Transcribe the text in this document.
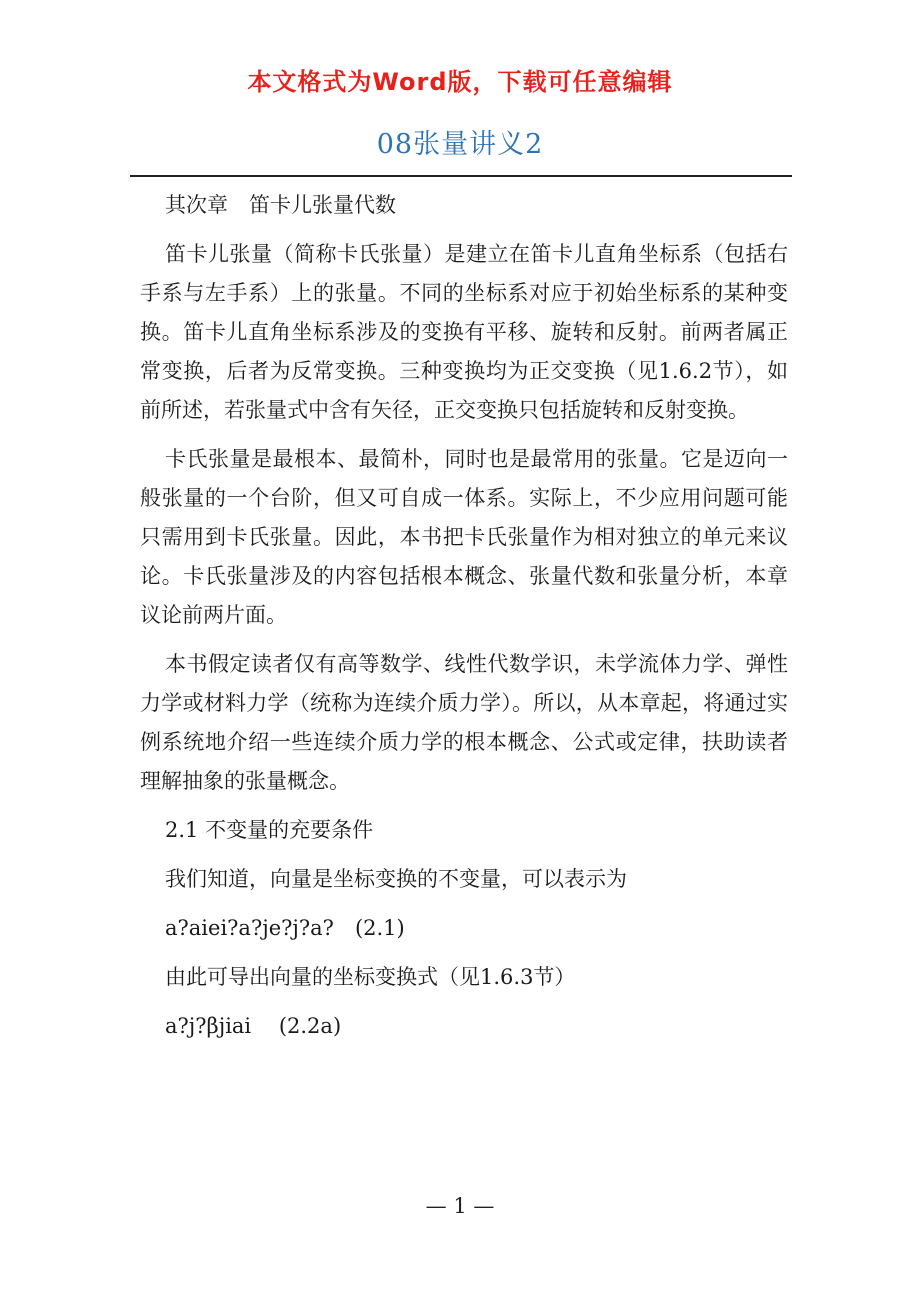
本文格式为Word版，下载可任意编辑
08张量讲义2

其次章　笛卡儿张量代数

笛卡儿张量（简称卡氏张量）是建立在笛卡儿直角坐标系（包括右手系与左手系）上的张量。不同的坐标系对应于初始坐标系的某种变换。笛卡儿直角坐标系涉及的变换有平移、旋转和反射。前两者属正常变换，后者为反常变换。三种变换均为正交变换（见1.6.2节），如前所述，若张量式中含有矢径，正交变换只包括旋转和反射变换。

卡氏张量是最根本、最简朴，同时也是最常用的张量。它是迈向一般张量的一个台阶，但又可自成一体系。实际上，不少应用问题可能只需用到卡氏张量。因此，本书把卡氏张量作为相对独立的单元来议论。卡氏张量涉及的内容包括根本概念、张量代数和张量分析，本章议论前两片面。

本书假定读者仅有高等数学、线性代数学识，未学流体力学、弹性力学或材料力学（统称为连续介质力学）。所以，从本章起，将通过实例系统地介绍一些连续介质力学的根本概念、公式或定律，扶助读者理解抽象的张量概念。

2.1 不变量的充要条件

我们知道，向量是坐标变换的不变量，可以表示为

a?aiei?a?je?j?a?　(2.1)

由此可导出向量的坐标变换式（见1.6.3节）

a?j?βjiai　 (2.2a)

— 1 —
